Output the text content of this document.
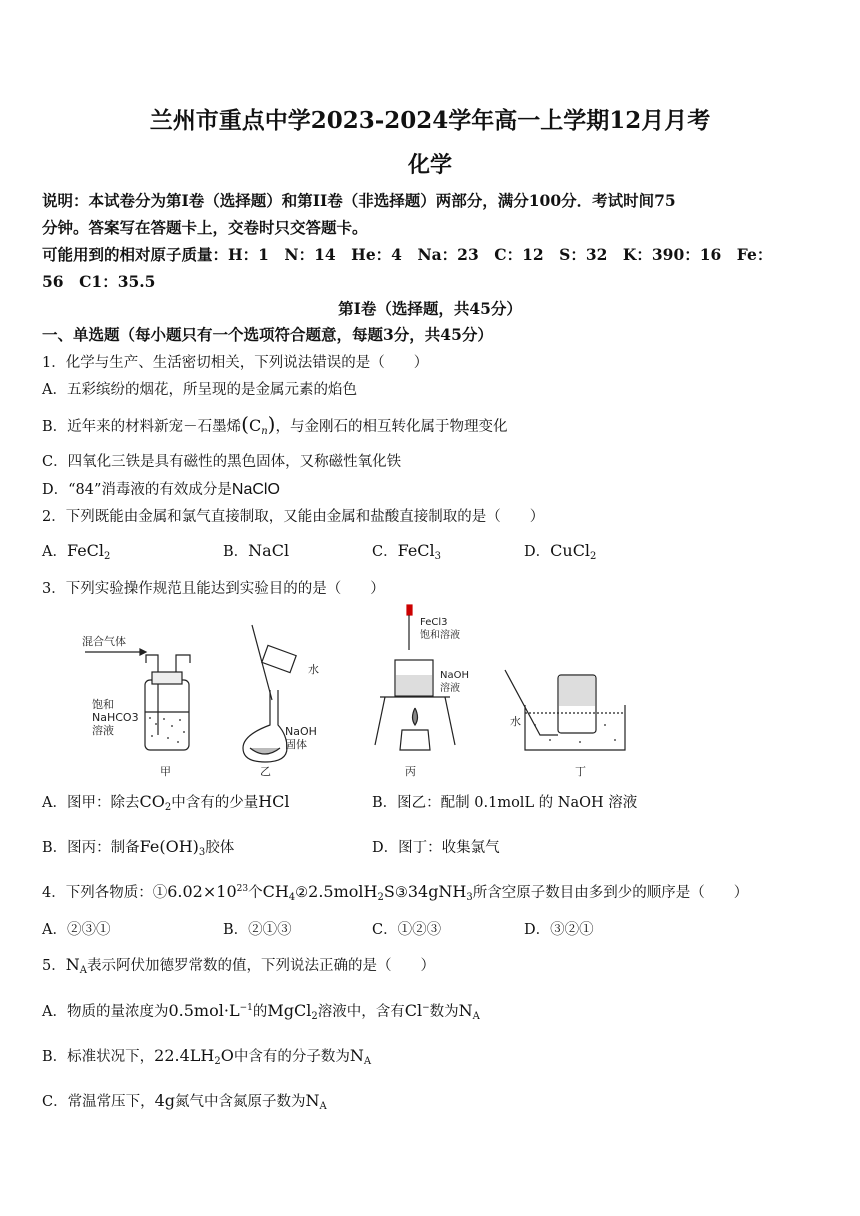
兰州市重点中学2023-2024学年高一上学期12月月考
化学
说明：本试卷分为第I卷（选择题）和第II卷（非选择题）两部分，满分100分．考试时间75
分钟。答案写在答题卡上，交卷时只交答题卡。
可能用到的相对原子质量：H：1　N：14　He：4　Na：23　C：12　S：32　K：390：16　Fe：
56　C1：35.5
第I卷（选择题，共45分）
一、单选题（每小题只有一个选项符合题意，每题3分，共45分）
1．化学与生产、生活密切相关，下列说法错误的是（　　）
A．五彩缤纷的烟花，所呈现的是金属元素的焰色
B．近年来的材料新宠－石墨烯$(C_n)$，与金刚石的相互转化属于物理变化
C．四氧化三铁是具有磁性的黑色固体，又称磁性氧化铁
D．“84”消毒液的有效成分是NaClO
2．下列既能由金属和氯气直接制取，又能由金属和盐酸直接制取的是（　　）
A．FeCl$_2$	B．NaCl	C．FeCl$_3$	D．CuCl$_2$
3．下列实验操作规范且能达到实验目的的是（　　）
混合气体
饱和
NaHCO3
溶液
甲
水
NaOH
固体
乙
FeCl3
饱和溶液
NaOH
溶液
丙
水
丁
A．图甲：除去$CO_2$中含有的少量HCl	B．图乙：配制 0.1molL 的 NaOH 溶液
B．图丙：制备$Fe(OH)_3$胶体	D．图丁：收集氯气
4．下列各物质：$①6.02\times 10^{23}$个$CH_4②2.5molH_2S③34gNH_3$所含空原子数目由多到少的顺序是（　　）
A．②③①	B．②①③	C．①②③	D．③②①
5．$N_A$表示阿伏加德罗常数的值，下列说法正确的是（　　）
A．物质的量浓度为$0.5mol\cdot L^{-1}$的MgCl$_2$溶液中，含有Cl−数为$N_A$
B．标准状况下，$22.4LH_2O$中含有的分子数为$N_A$
C．常温常压下，4g氮气中含氮原子数为$N_A$
